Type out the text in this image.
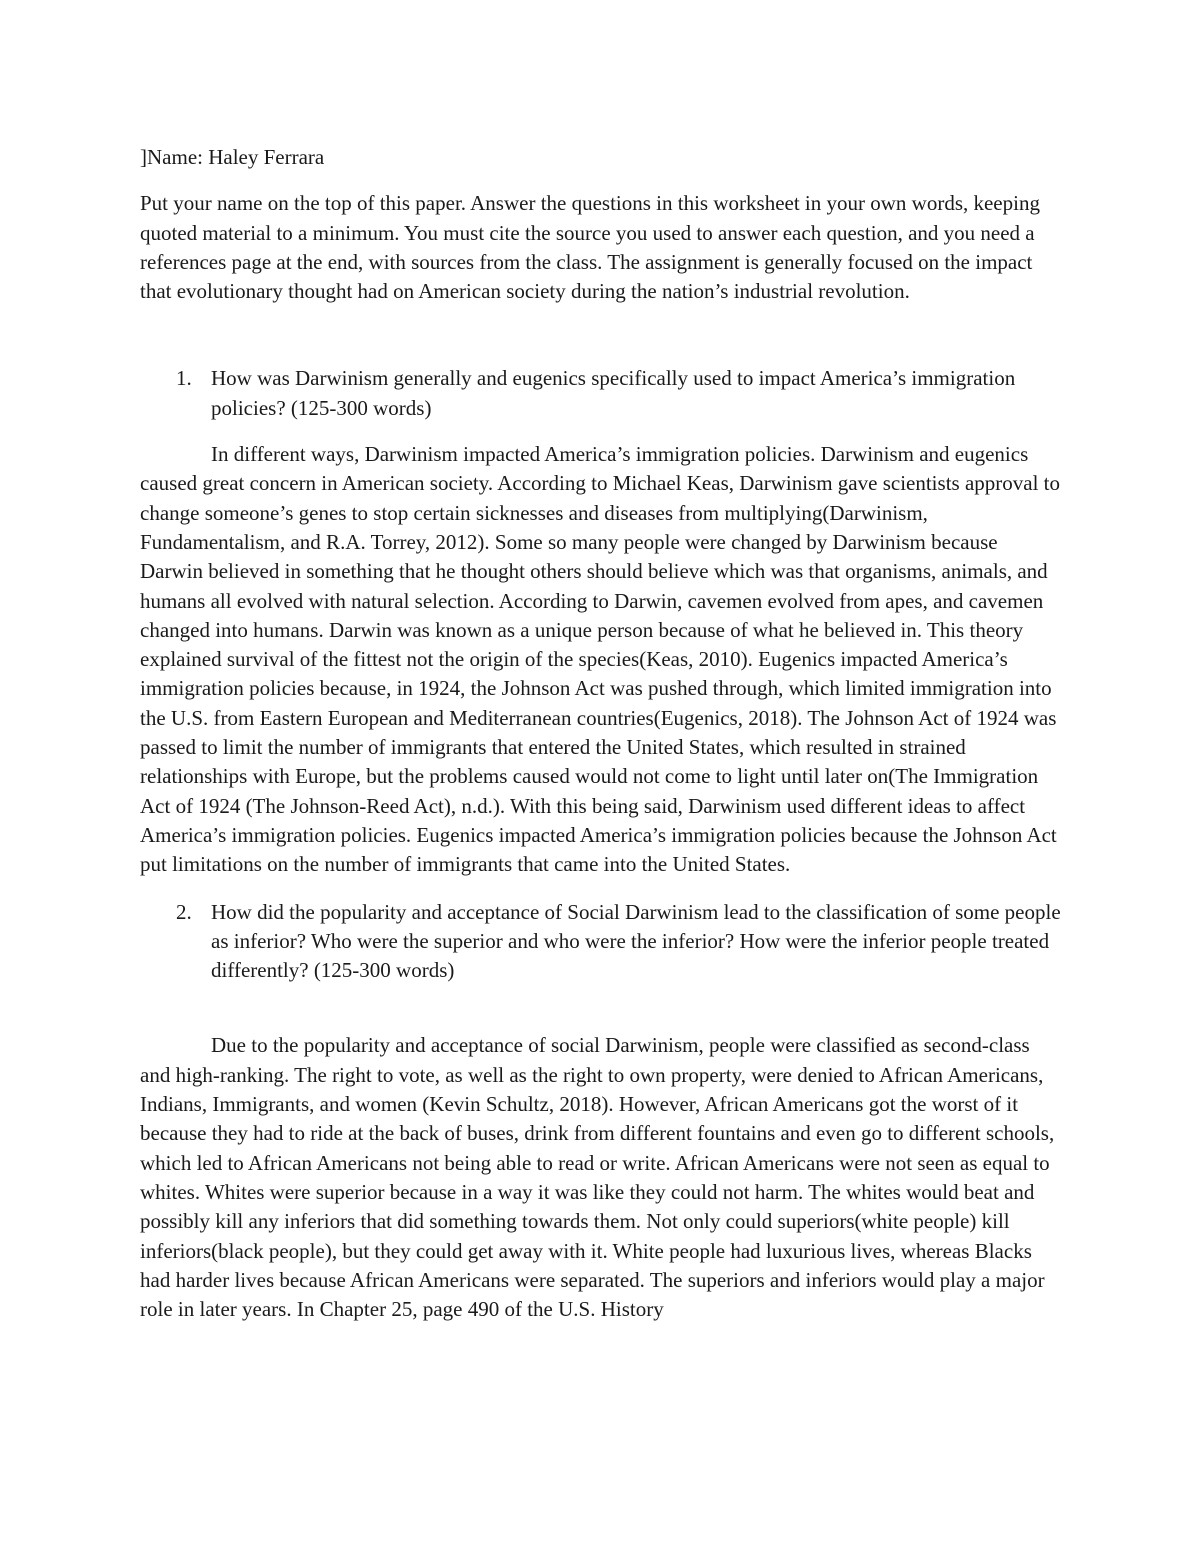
]Name: Haley Ferrara

Put your name on the top of this paper. Answer the questions in this worksheet in your own words, keeping quoted material to a minimum. You must cite the source you used to answer each question, and you need a references page at the end, with sources from the class. The assignment is generally focused on the impact that evolutionary thought had on American society during the nation’s industrial revolution.

1. How was Darwinism generally and eugenics specifically used to impact America’s immigration policies? (125-300 words)

In different ways, Darwinism impacted America’s immigration policies. Darwinism and eugenics caused great concern in American society. According to Michael Keas, Darwinism gave scientists approval to change someone’s genes to stop certain sicknesses and diseases from multiplying(Darwinism, Fundamentalism, and R.A. Torrey, 2012). Some so many people were changed by Darwinism because Darwin believed in something that he thought others should believe which was that organisms, animals, and humans all evolved with natural selection. According to Darwin, cavemen evolved from apes, and cavemen changed into humans. Darwin was known as a unique person because of what he believed in. This theory explained survival of the fittest not the origin of the species(Keas, 2010). Eugenics impacted America’s immigration policies because, in 1924, the Johnson Act was pushed through, which limited immigration into the U.S. from Eastern European and Mediterranean countries(Eugenics, 2018). The Johnson Act of 1924 was passed to limit the number of immigrants that entered the United States, which resulted in strained relationships with Europe, but the problems caused would not come to light until later on(The Immigration Act of 1924 (The Johnson-Reed Act), n.d.). With this being said, Darwinism used different ideas to affect America’s immigration policies. Eugenics impacted America’s immigration policies because the Johnson Act put limitations on the number of immigrants that came into the United States.

2. How did the popularity and acceptance of Social Darwinism lead to the classification of some people as inferior? Who were the superior and who were the inferior? How were the inferior people treated differently? (125-300 words)

Due to the popularity and acceptance of social Darwinism, people were classified as second-class and high-ranking. The right to vote, as well as the right to own property, were denied to African Americans, Indians, Immigrants, and women (Kevin Schultz, 2018). However, African Americans got the worst of it because they had to ride at the back of buses, drink from different fountains and even go to different schools, which led to African Americans not being able to read or write. African Americans were not seen as equal to whites. Whites were superior because in a way it was like they could not harm. The whites would beat and possibly kill any inferiors that did something towards them. Not only could superiors(white people) kill inferiors(black people), but they could get away with it. White people had luxurious lives, whereas Blacks had harder lives because African Americans were separated. The superiors and inferiors would play a major role in later years. In Chapter 25, page 490 of the U.S. History
